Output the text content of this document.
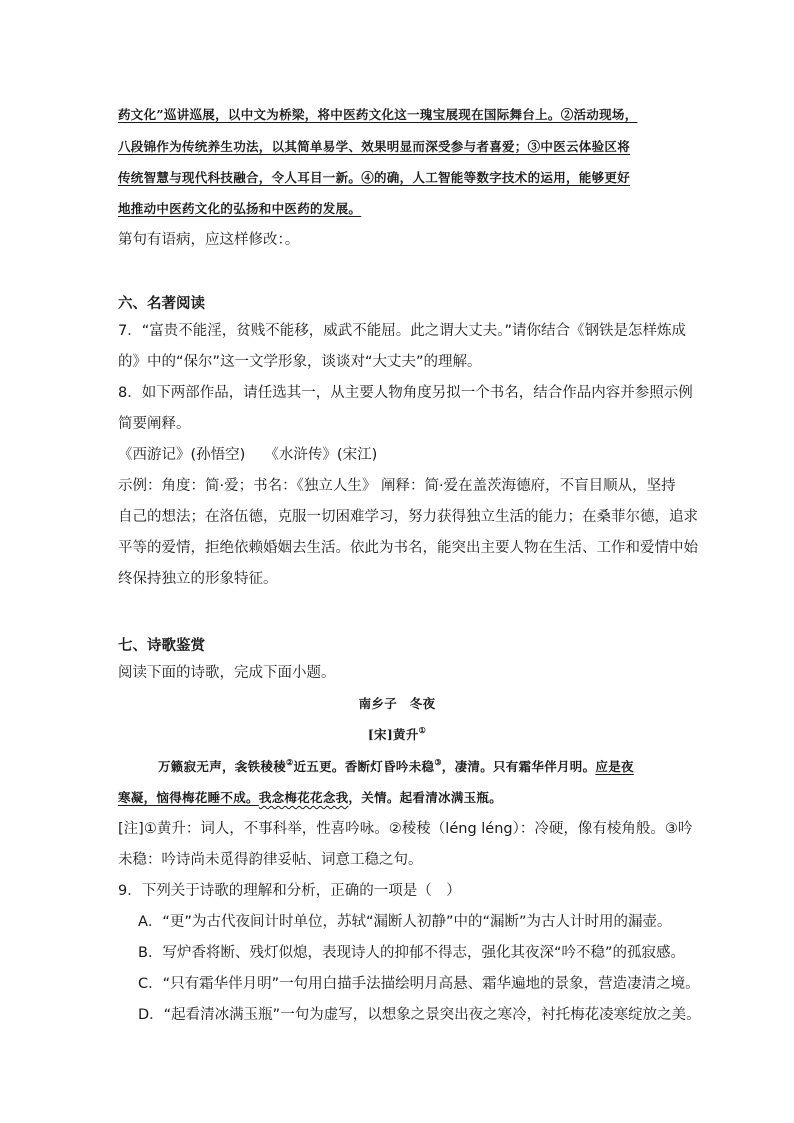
药文化”巡讲巡展，以中文为桥梁，将中医药文化这一瑰宝展现在国际舞台上。②活动现场，
八段锦作为传统养生功法，以其简单易学、效果明显而深受参与者喜爱；③中医云体验区将
传统智慧与现代科技融合，令人耳目一新。④的确，人工智能等数字技术的运用，能够更好
地推动中医药文化的弘扬和中医药的发展。
第句有语病，应这样修改：。
六、名著阅读
7．“富贵不能淫，贫贱不能移，威武不能屈。此之谓大丈夫。”请你结合《钢铁是怎样炼成
的》中的“保尔”这一文学形象，谈谈对“大丈夫”的理解。
8．如下两部作品，请任选其一，从主要人物角度另拟一个书名，结合作品内容并参照示例
简要阐释。
《西游记》(孙悟空)　 《水浒传》(宋江)
示例：角度：简·爱；书名：《独立人生》 阐释：简·爱在盖茨海德府，不盲目顺从，坚持
自己的想法；在洛伍德，克服一切困难学习，努力获得独立生活的能力；在桑菲尔德，追求
平等的爱情，拒绝依赖婚姻去生活。依此为书名，能突出主要人物在生活、工作和爱情中始
终保持独立的形象特征。
七、诗歌鉴赏
阅读下面的诗歌，完成下面小题。
南乡子　冬夜
[宋]黄升①
万籁寂无声，衾铁稜稜②近五更。香断灯昏吟未稳③，凄清。只有霜华伴月明。应是夜
寒凝，恼得梅花睡不成。我念梅花花念我，关情。起看清冰满玉瓶。
[注]①黄升：词人，不事科举，性喜吟咏。②稜稜（léng léng）：冷硬，像有棱角般。③吟
未稳：吟诗尚未觅得韵律妥帖、词意工稳之句。
9．下列关于诗歌的理解和分析，正确的一项是（　）
A．“更”为古代夜间计时单位，苏轼“漏断人初静”中的“漏断”为古人计时用的漏壶。
B．写炉香将断、残灯似熄，表现诗人的抑郁不得志，强化其夜深“吟不稳”的孤寂感。
C．“只有霜华伴月明”一句用白描手法描绘明月高悬、霜华遍地的景象，营造凄清之境。
D．“起看清冰满玉瓶”一句为虚写，以想象之景突出夜之寒冷，衬托梅花凌寒绽放之美。
